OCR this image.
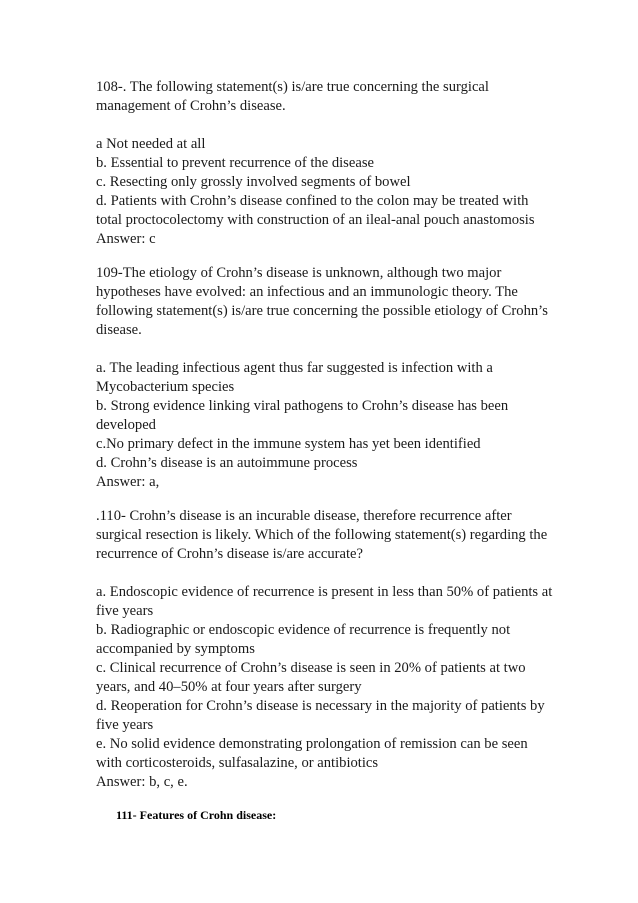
108-. The following statement(s) is/are true concerning the surgical management of Crohn’s disease.

a Not needed at all

b. Essential to prevent recurrence of the disease

c. Resecting only grossly involved segments of bowel

d. Patients with Crohn’s disease confined to the colon may be treated with total proctocolectomy with construction of an ileal-anal pouch anastomosis

Answer: c

109-The etiology of Crohn’s disease is unknown, although two major hypotheses have evolved: an infectious and an immunologic theory. The following statement(s) is/are true concerning the possible etiology of Crohn’s disease.

a. The leading infectious agent thus far suggested is infection with a Mycobacterium species

b. Strong evidence linking viral pathogens to Crohn’s disease has been developed

c.No primary defect in the immune system has yet been identified

d. Crohn’s disease is an autoimmune process

Answer: a,

.110- Crohn’s disease is an incurable disease, therefore recurrence after surgical resection is likely. Which of the following statement(s) regarding the recurrence of Crohn’s disease is/are accurate?

a. Endoscopic evidence of recurrence is present in less than 50% of patients at five years

b. Radiographic or endoscopic evidence of recurrence is frequently not accompanied by symptoms

c. Clinical recurrence of Crohn’s disease is seen in 20% of patients at two years, and 40–50% at four years after surgery

d. Reoperation for Crohn’s disease is necessary in the majority of patients by five years

e. No solid evidence demonstrating prolongation of remission can be seen with corticosteroids, sulfasalazine, or antibiotics

Answer: b, c, e.

111- Features of Crohn disease:
